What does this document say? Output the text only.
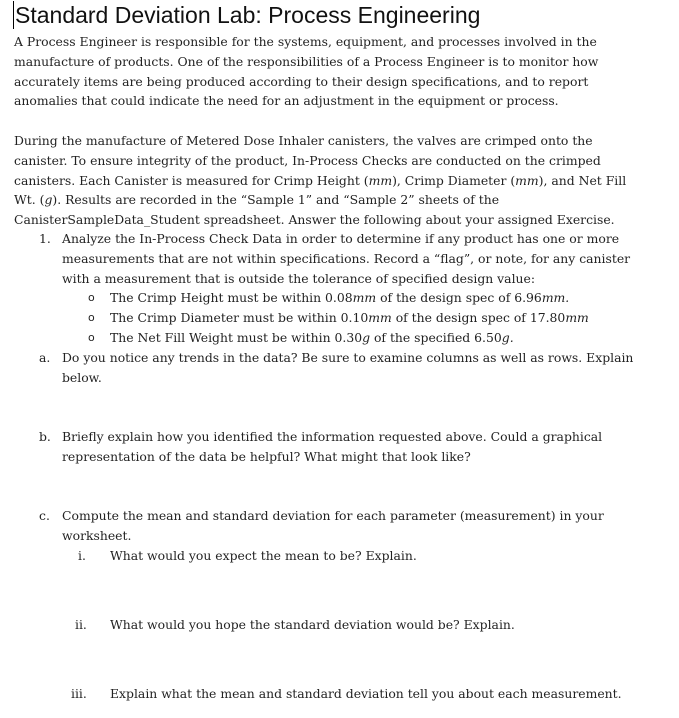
Standard Deviation Lab: Process Engineering
A Process Engineer is responsible for the systems, equipment, and processes involved in the
manufacture of products. One of the responsibilities of a Process Engineer is to monitor how
accurately items are being produced according to their design specifications, and to report
anomalies that could indicate the need for an adjustment in the equipment or process.
During the manufacture of Metered Dose Inhaler canisters, the valves are crimped onto the
canister. To ensure integrity of the product, In-Process Checks are conducted on the crimped
canisters. Each Canister is measured for Crimp Height (mm), Crimp Diameter (mm), and Net Fill
Wt. (g). Results are recorded in the “Sample 1” and “Sample 2” sheets of the
CanisterSampleData_Student spreadsheet. Answer the following about your assigned Exercise.
1. Analyze the In-Process Check Data in order to determine if any product has one or more
measurements that are not within specifications. Record a “flag”, or note, for any canister
with a measurement that is outside the tolerance of specified design value:
o The Crimp Height must be within 0.08mm of the design spec of 6.96mm.
o The Crimp Diameter must be within 0.10mm of the design spec of 17.80mm
o The Net Fill Weight must be within 0.30g of the specified 6.50g.
a. Do you notice any trends in the data? Be sure to examine columns as well as rows. Explain
below.
b. Briefly explain how you identified the information requested above. Could a graphical
representation of the data be helpful? What might that look like?
c. Compute the mean and standard deviation for each parameter (measurement) in your
worksheet.
i. What would you expect the mean to be? Explain.
ii. What would you hope the standard deviation would be? Explain.
iii. Explain what the mean and standard deviation tell you about each measurement.
